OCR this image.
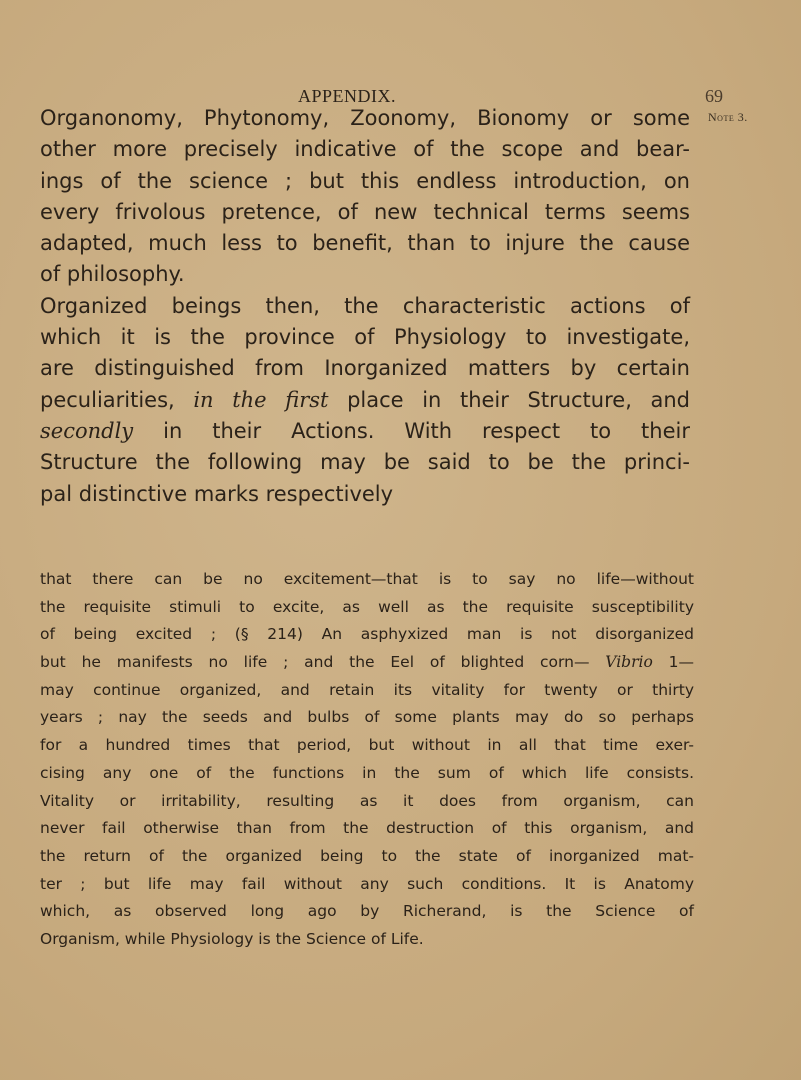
APPENDIX.	69
Note 3.
Organonomy, Phytonomy, Zoonomy, Bionomy or some
other more precisely indicative of the scope and bear-
ings of the science ; but this endless introduction, on
every frivolous pretence, of new technical terms seems
adapted, much less to benefit, than to injure the cause
of philosophy.
Organized beings then, the characteristic actions of
which it is the province of Physiology to investigate,
are distinguished from Inorganized matters by certain
peculiarities, in the first place in their Structure, and
secondly in their Actions. With respect to their
Structure the following may be said to be the princi-
pal distinctive marks respectively
that there can be no excitement—that is to say no life—without
the requisite stimuli to excite, as well as the requisite susceptibility
of being excited ; (§ 214) An asphyxized man is not disorganized
but he manifests no life ; and the Eel of blighted corn— Vibrio 1—
may continue organized, and retain its vitality for twenty or thirty
years ; nay the seeds and bulbs of some plants may do so perhaps
for a hundred times that period, but without in all that time exer-
cising any one of the functions in the sum of which life consists.
Vitality or irritability, resulting as it does from organism, can
never fail otherwise than from the destruction of this organism, and
the return of the organized being to the state of inorganized mat-
ter ; but life may fail without any such conditions. It is Anatomy
which, as observed long ago by Richerand, is the Science of
Organism, while Physiology is the Science of Life.
